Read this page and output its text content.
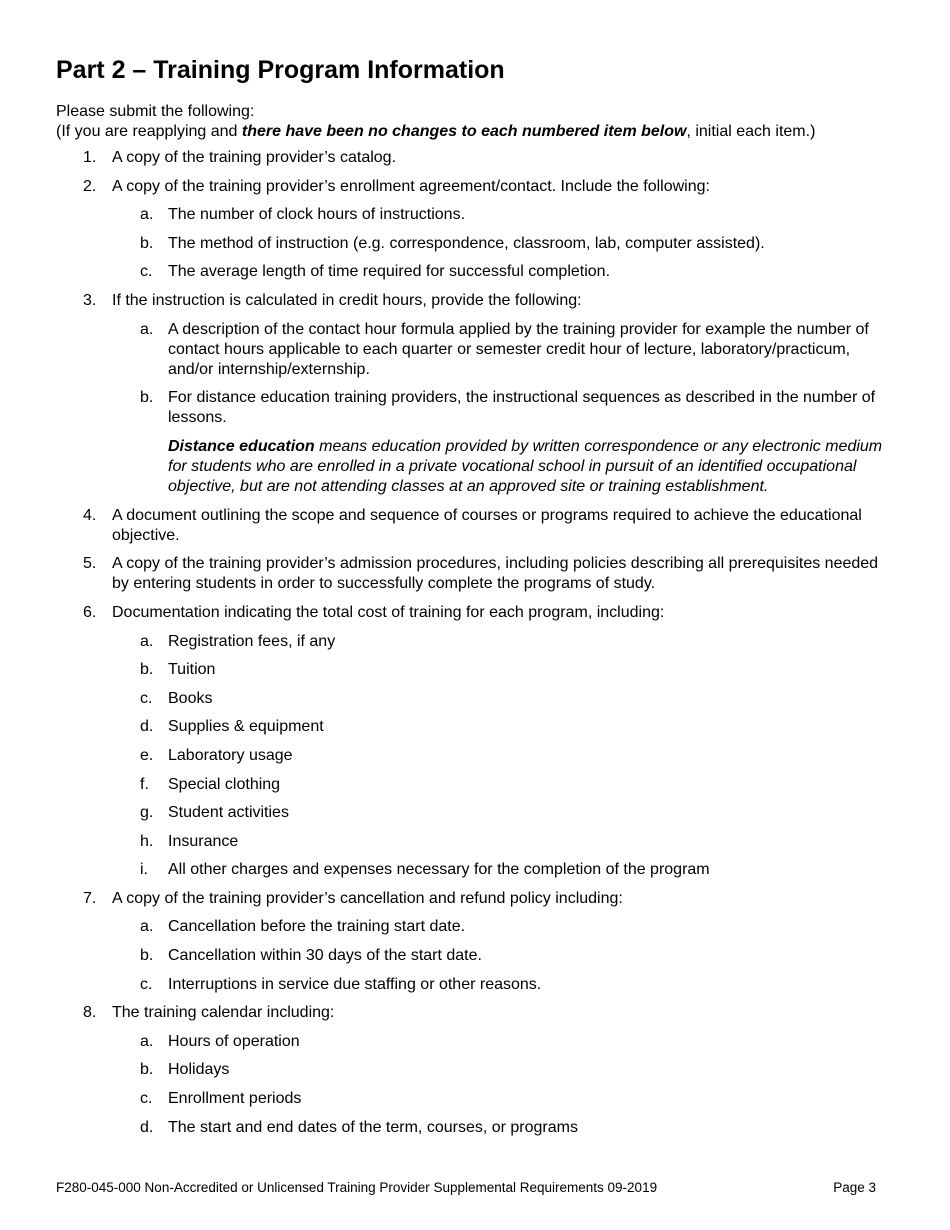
Part 2 – Training Program Information

Please submit the following:

(If you are reapplying and there have been no changes to each numbered item below, initial each item.)

1. A copy of the training provider’s catalog.
2. A copy of the training provider’s enrollment agreement/contact. Include the following:
a. The number of clock hours of instructions.
b. The method of instruction (e.g. correspondence, classroom, lab, computer assisted).
c. The average length of time required for successful completion.
3. If the instruction is calculated in credit hours, provide the following:
a. A description of the contact hour formula applied by the training provider for example the number of contact hours applicable to each quarter or semester credit hour of lecture, laboratory/practicum, and/or internship/externship.
b. For distance education training providers, the instructional sequences as described in the number of lessons.
Distance education means education provided by written correspondence or any electronic medium for students who are enrolled in a private vocational school in pursuit of an identified occupational objective, but are not attending classes at an approved site or training establishment.
4. A document outlining the scope and sequence of courses or programs required to achieve the educational objective.
5. A copy of the training provider’s admission procedures, including policies describing all prerequisites needed by entering students in order to successfully complete the programs of study.
6. Documentation indicating the total cost of training for each program, including:
a. Registration fees, if any
b. Tuition
c. Books
d. Supplies & equipment
e. Laboratory usage
f. Special clothing
g. Student activities
h. Insurance
i. All other charges and expenses necessary for the completion of the program
7. A copy of the training provider’s cancellation and refund policy including:
a. Cancellation before the training start date.
b. Cancellation within 30 days of the start date.
c. Interruptions in service due staffing or other reasons.
8. The training calendar including:
a. Hours of operation
b. Holidays
c. Enrollment periods
d. The start and end dates of the term, courses, or programs
F280-045-000 Non-Accredited or Unlicensed Training Provider Supplemental Requirements 09-2019	Page 3
